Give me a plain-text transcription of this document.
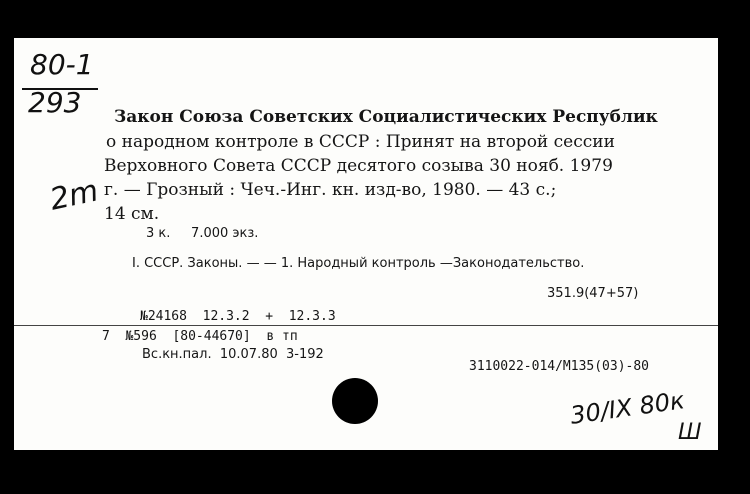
80-1
293
2m
Закон Союза Советских Социалистических Республик
о народном контроле в СССР : Принят на второй сессии
Верховного Совета СССР десятого созыва 30 нояб. 1979
г. — Грозный : Чеч.-Инг. кн. изд-во, 1980. — 43 с.;
14 см.
3 к.     7.000 экз.
I. СССР. Законы. — — 1. Народный контроль —Законодательство.
351.9(47+57)
№24168  12.3.2  +  12.3.3
7  №596  [80-44670]  в тп
Вс.кн.пал.  10.07.80  3-192
3110022-014/М135(03)-80
30/IX 80к
Ш
